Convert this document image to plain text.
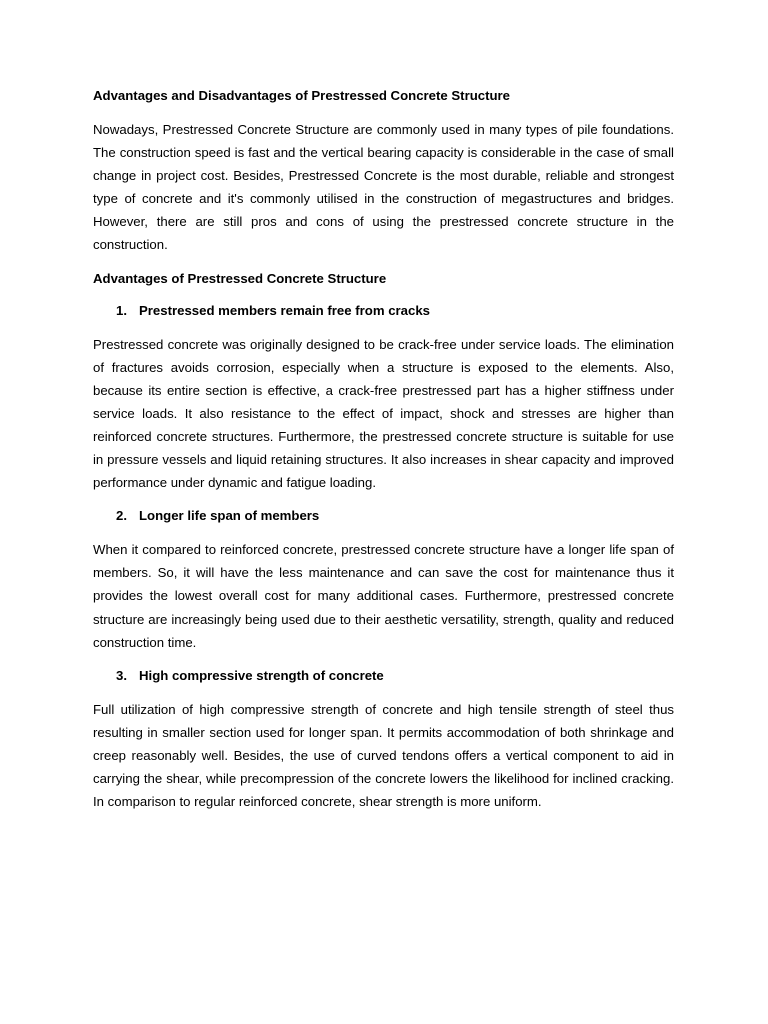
Advantages and Disadvantages of Prestressed Concrete Structure

Nowadays, Prestressed Concrete Structure are commonly used in many types of pile foundations. The construction speed is fast and the vertical bearing capacity is considerable in the case of small change in project cost. Besides, Prestressed Concrete is the most durable, reliable and strongest type of concrete and it's commonly utilised in the construction of megastructures and bridges. However, there are still pros and cons of using the prestressed concrete structure in the construction.

Advantages of Prestressed Concrete Structure

1. Prestressed members remain free from cracks

Prestressed concrete was originally designed to be crack-free under service loads. The elimination of fractures avoids corrosion, especially when a structure is exposed to the elements. Also, because its entire section is effective, a crack-free prestressed part has a higher stiffness under service loads. It also resistance to the effect of impact, shock and stresses are higher than reinforced concrete structures. Furthermore, the prestressed concrete structure is suitable for use in pressure vessels and liquid retaining structures. It also increases in shear capacity and improved performance under dynamic and fatigue loading.

2. Longer life span of members

When it compared to reinforced concrete, prestressed concrete structure have a longer life span of members. So, it will have the less maintenance and can save the cost for maintenance thus it provides the lowest overall cost for many additional cases. Furthermore, prestressed concrete structure are increasingly being used due to their aesthetic versatility, strength, quality and reduced construction time.

3. High compressive strength of concrete

Full utilization of high compressive strength of concrete and high tensile strength of steel thus resulting in smaller section used for longer span. It permits accommodation of both shrinkage and creep reasonably well. Besides, the use of curved tendons offers a vertical component to aid in carrying the shear, while precompression of the concrete lowers the likelihood for inclined cracking. In comparison to regular reinforced concrete, shear strength is more uniform.
